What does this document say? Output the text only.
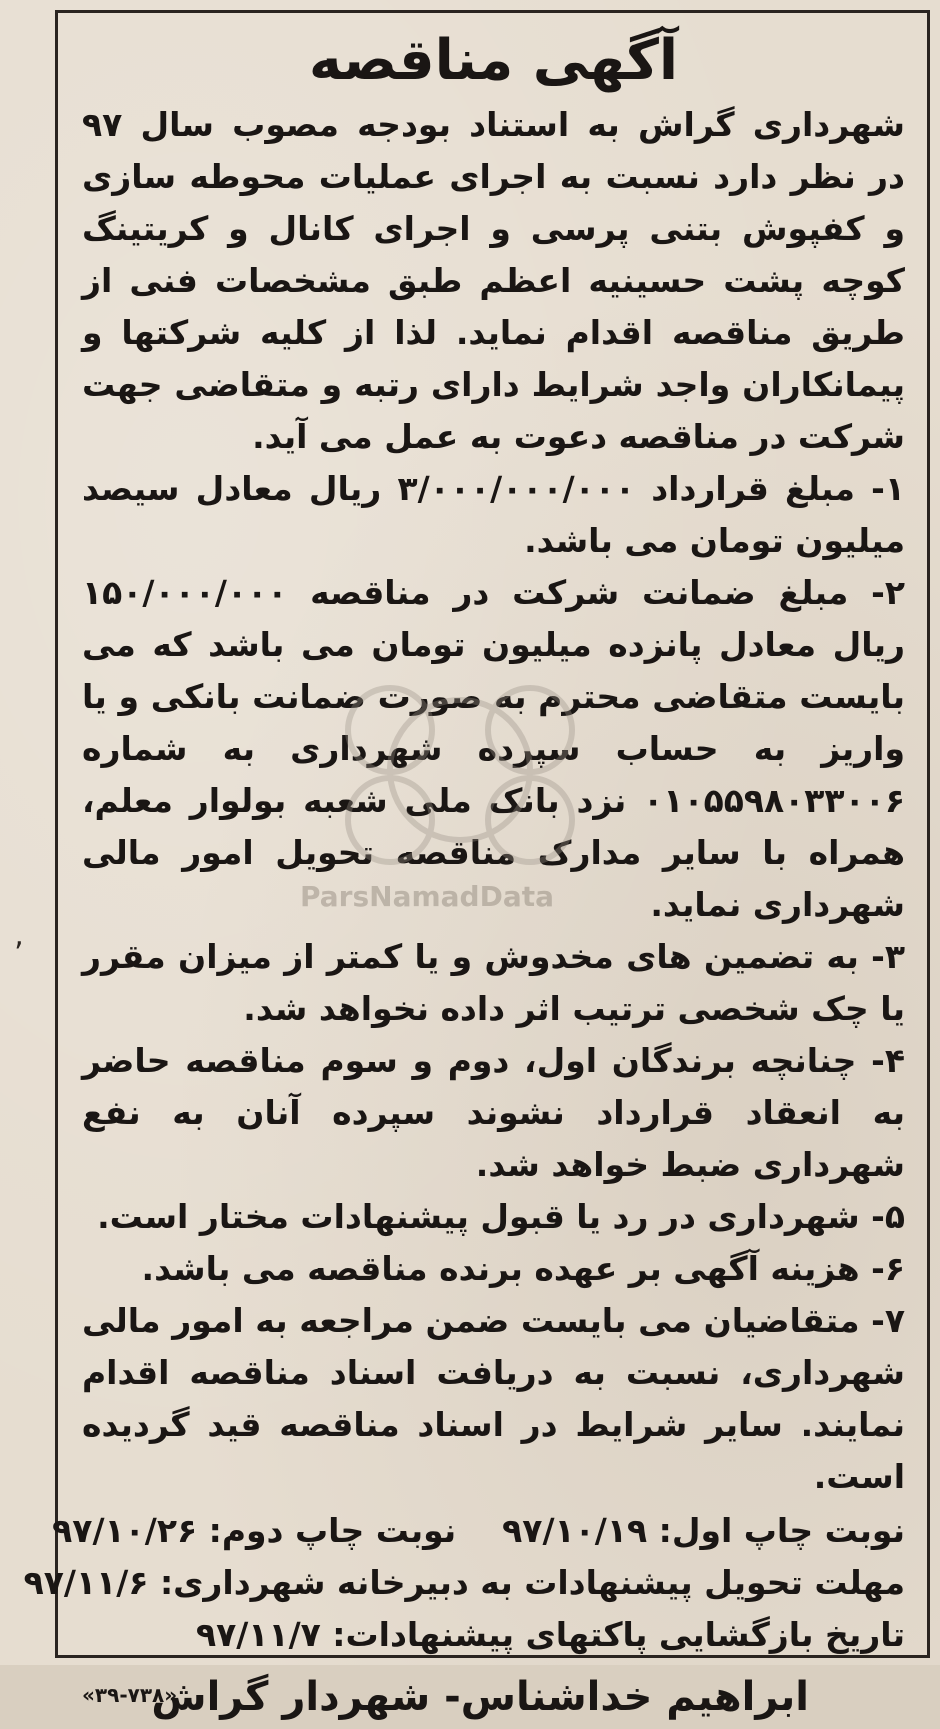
‚
آگهی مناقصه

شهرداری گراش به استناد بودجه مصوب سال ۹۷ در نظر دارد نسبت به اجرای عملیات محوطه سازی و کفپوش بتنی پرسی و اجرای کانال و کریتینگ کوچه پشت حسینیه اعظم طبق مشخصات فنی از طریق مناقصه اقدام نماید. لذا از کلیه شرکتها و پیمانکاران واجد شرایط دارای رتبه و متقاضی جهت شرکت در مناقصه دعوت به عمل می آید.

۱- مبلغ قرارداد ۳/۰۰۰/۰۰۰/۰۰۰ ریال معادل سیصد میلیون تومان می باشد.

۲- مبلغ ضمانت شرکت در مناقصه ۱۵۰/۰۰۰/۰۰۰ ریال معادل پانزده میلیون تومان می باشد که می بایست متقاضی محترم به صورت ضمانت بانکی و یا واریز به حساب سپرده شهرداری به شماره ۰۱۰۵۵۹۸۰۳۳۰۰۶ نزد بانک ملی شعبه بولوار معلم، همراه با سایر مدارک مناقصه تحویل امور مالی شهرداری نماید.

۳- به تضمین های مخدوش و یا کمتر از میزان مقرر یا چک شخصی ترتیب اثر داده نخواهد شد.

۴- چنانچه برندگان اول، دوم و سوم مناقصه حاضر به انعقاد قرارداد نشوند سپرده آنان به نفع شهرداری ضبط خواهد شد.

۵- شهرداری در رد یا قبول پیشنهادات مختار است.

۶- هزینه آگهی بر عهده برنده مناقصه می باشد.

۷- متقاضیان می بایست ضمن مراجعه به امور مالی شهرداری، نسبت به دریافت اسناد مناقصه اقدام نمایند. سایر شرایط در اسناد مناقصه قید گردیده است.

نوبت چاپ اول: ۹۷/۱۰/۱۹    نوبت چاپ دوم: ۹۷/۱۰/۲۶
مهلت تحویل پیشنهادات به دبیرخانه شهرداری: ۹۷/۱۱/۶
تاریخ بازگشایی پاکتهای پیشنهادات: ۹۷/۱۱/۷
ابراهیم خداشناس- شهردار گراش
«۳۹-۷۳۸»
ParsNamadData
